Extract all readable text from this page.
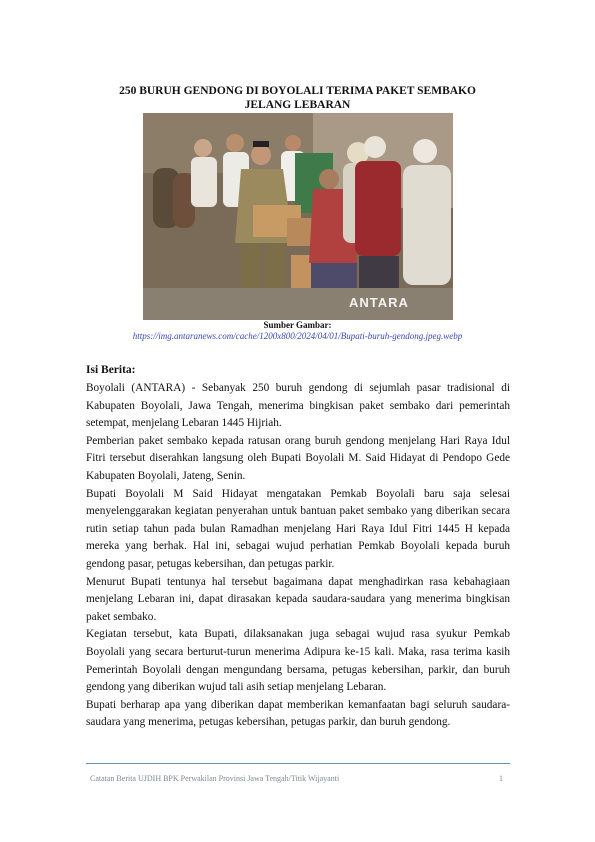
250 BURUH GENDONG DI BOYOLALI TERIMA PAKET SEMBAKO
JELANG LEBARAN
ANTARA
Sumber Gambar:
https://img.antaranews.com/cache/1200x800/2024/04/01/Bupati-buruh-gendong.jpeg.webp

Isi Berita:

Boyolali (ANTARA) - Sebanyak 250 buruh gendong di sejumlah pasar tradisional di Kabupaten Boyolali, Jawa Tengah, menerima bingkisan paket sembako dari pemerintah setempat, menjelang Lebaran 1445 Hijriah.

Pemberian paket sembako kepada ratusan orang buruh gendong menjelang Hari Raya Idul Fitri tersebut diserahkan langsung oleh Bupati Boyolali M. Said Hidayat di Pendopo Gede Kabupaten Boyolali, Jateng, Senin.

Bupati Boyolali M Said Hidayat mengatakan Pemkab Boyolali baru saja selesai menyelenggarakan kegiatan penyerahan untuk bantuan paket sembako yang diberikan secara rutin setiap tahun pada bulan Ramadhan menjelang Hari Raya Idul Fitri 1445 H kepada mereka yang berhak. Hal ini, sebagai wujud perhatian Pemkab Boyolali kepada buruh gendong pasar, petugas kebersihan, dan petugas parkir.

Menurut Bupati tentunya hal tersebut bagaimana dapat menghadirkan rasa kebahagiaan menjelang Lebaran ini, dapat dirasakan kepada saudara-saudara yang menerima bingkisan paket sembako.

Kegiatan tersebut, kata Bupati, dilaksanakan juga sebagai wujud rasa syukur Pemkab Boyolali yang secara berturut-turun menerima Adipura ke-15 kali. Maka, rasa terima kasih Pemerintah Boyolali dengan mengundang bersama, petugas kebersihan, parkir, dan buruh gendong yang diberikan wujud tali asih setiap menjelang Lebaran.

Bupati berharap apa yang diberikan dapat memberikan kemanfaatan bagi seluruh saudara-saudara yang menerima, petugas kebersihan, petugas parkir, dan buruh gendong.

Catatan Berita UJDIH BPK Perwakilan Provinsi Jawa Tengah/Titik Wijayanti	1
